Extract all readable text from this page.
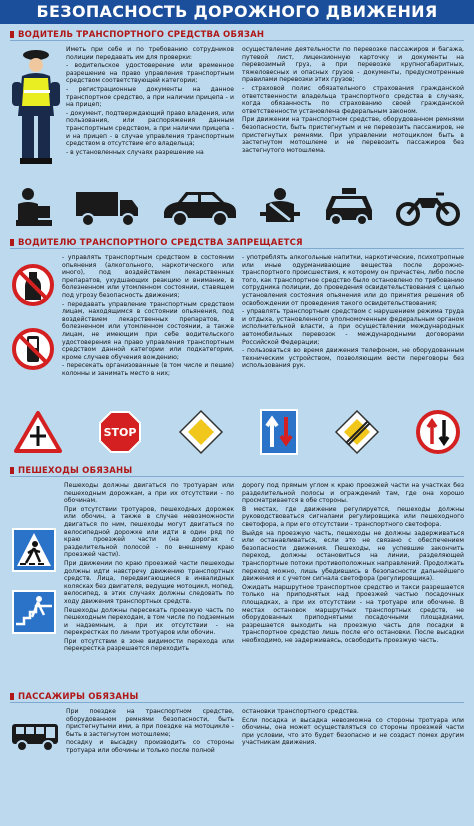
БЕЗОПАСНОСТЬ ДОРОЖНОГО ДВИЖЕНИЯ
ВОДИТЕЛЬ ТРАНСПОРТНОГО СРЕДСТВА ОБЯЗАН
Иметь при себе и по требованию сотрудников полиции передавать им для проверки:
- водительское удостоверение или временное разрешение на право управления транспортным средством соответствующей категории;
- регистрационные документы на данное транспортное средство, а при наличии прицепа - и на прицеп;
- документ, подтверждающий право владения, или пользования, или распоряжения данным транспортным средством, а при наличии прицепа - и на прицеп - в случае управления транспортным средством в отсутствие его владельца;
- в установленных случаях разрешение на
осуществление деятельности по перевозке пассажиров и багажа, путевой лист, лицензионную карточку и документы на перевозимый груз, а при перевозке крупногабаритных, тяжеловесных и опасных грузов - документы, предусмотренные правилами перевозки этих грузов;
- страховой полис обязательного страхования гражданской ответственности владельца транспортного средства в случаях, когда обязанность по страхованию своей гражданской ответственности установлена федеральным законом.
При движении на транспортном средстве, оборудованном ремнями безопасности, быть пристегнутым и не перевозить пассажиров, не пристегнутых ремнями. При управлении мотоциклом быть в застегнутом мотошлеме и не перевозить пассажиров без застегнутого мотошлема.
ВОДИТЕЛЮ ТРАНСПОРТНОГО СРЕДСТВА ЗАПРЕЩАЕТСЯ
- управлять транспортным средством в состоянии опьянения (алкогольного, наркотического или иного), под воздействием лекарственных препаратов, ухудшающих реакцию и внимание, в болезненном или утомленном состоянии, ставящем под угрозу безопасность движения;
- передавать управление транспортным средством лицам, находящимся в состоянии опьянения, под воздействием лекарственных препаратов, в болезненном или утомленном состоянии, а также лицам, не имеющим при себе водительского удостоверения на право управления транспортным средством данной категории или подкатегории, кроме случаев обучения вождению;
- пересекать организованные (в том числе и пешие) колонны и занимать место в них;
- употреблять алкогольные напитки, наркотические, психотропные или иные одурманивающие вещества после дорожно-транспортного происшествия, к которому он причастен, либо после того, как транспортное средство было остановлено по требованию сотрудника полиции, до проведения освидетельствования с целью установления состояния опьянения или до принятия решения об освобождении от проведения такого освидетельствования;
- управлять транспортным средством с нарушением режима труда и отдыха, установленного уполномоченным федеральным органом исполнительной власти, а при осуществлении международных автомобильных перевозок - международными договорами Российской Федерации;
- пользоваться во время движения телефоном, не оборудованным техническим устройством, позволяющим вести переговоры без использования рук.
STOP
ПЕШЕХОДЫ ОБЯЗАНЫ
Пешеходы должны двигаться по тротуарам или пешеходным дорожкам, а при их отсутствии - по обочинам.
При отсутствии тротуаров, пешеходных дорожек или обочин, а также в случае невозможности двигаться по ним, пешеходы могут двигаться по велосипедной дорожке или идти в один ряд по краю проезжей части (на дорогах с разделительной полосой - по внешнему краю проезжей части).
При движении по краю проезжей части пешеходы должны идти навстречу движению транспортных средств. Лица, передвигающиеся в инвалидных колясках без двигателя, ведущие мотоцикл, мопед, велосипед, в этих случаях должны следовать по ходу движения транспортных средств.
Пешеходы должны пересекать проезжую часть по пешеходным переходам, в том числе по подземным и надземным, а при их отсутствии - на перекрестках по линии тротуаров или обочин.
При отсутствии в зоне видимости перехода или перекрестка разрешается переходить
дорогу под прямым углом к краю проезжей части на участках без разделительной полосы и ограждений там, где она хорошо просматривается в обе стороны.
В местах, где движение регулируется, пешеходы должны руководствоваться сигналами регулировщика или пешеходного светофора, а при его отсутствии - транспортного светофора.
Выйдя на проезжую часть, пешеходы не должны задерживаться или останавливаться, если это не связано с обеспечением безопасности движения. Пешеходы, не успевшие закончить переход, должны остановиться на линии, разделяющей транспортные потоки противоположных направлений. Продолжать переход можно, лишь убедившись в безопасности дальнейшего движения и с учетом сигнала светофора (регулировщика).
Ожидать маршрутное транспортное средство и такси разрешается только на приподнятых над проезжей частью посадочных площадках, а при их отсутствии - на тротуаре или обочине. В местах остановок маршрутных транспортных средств, не оборудованных приподнятыми посадочными площадками, разрешается выходить на проезжую часть для посадки в транспортное средство лишь после его остановки. После высадки необходимо, не задерживаясь, освободить проезжую часть.
ПАССАЖИРЫ ОБЯЗАНЫ
При поездке на транспортном средстве, оборудованном ремнями безопасности, быть пристегнутыми ими, а при поездке на мотоцикле - быть в застегнутом мотошлеме;
посадку и высадку производить со стороны тротуара или обочины и только после полной
остановки транспортного средства.
Если посадка и высадка невозможна со стороны тротуара или обочины, она может осуществляться со стороны проезжей части при условии, что это будет безопасно и не создаст помех другим участникам движения.
